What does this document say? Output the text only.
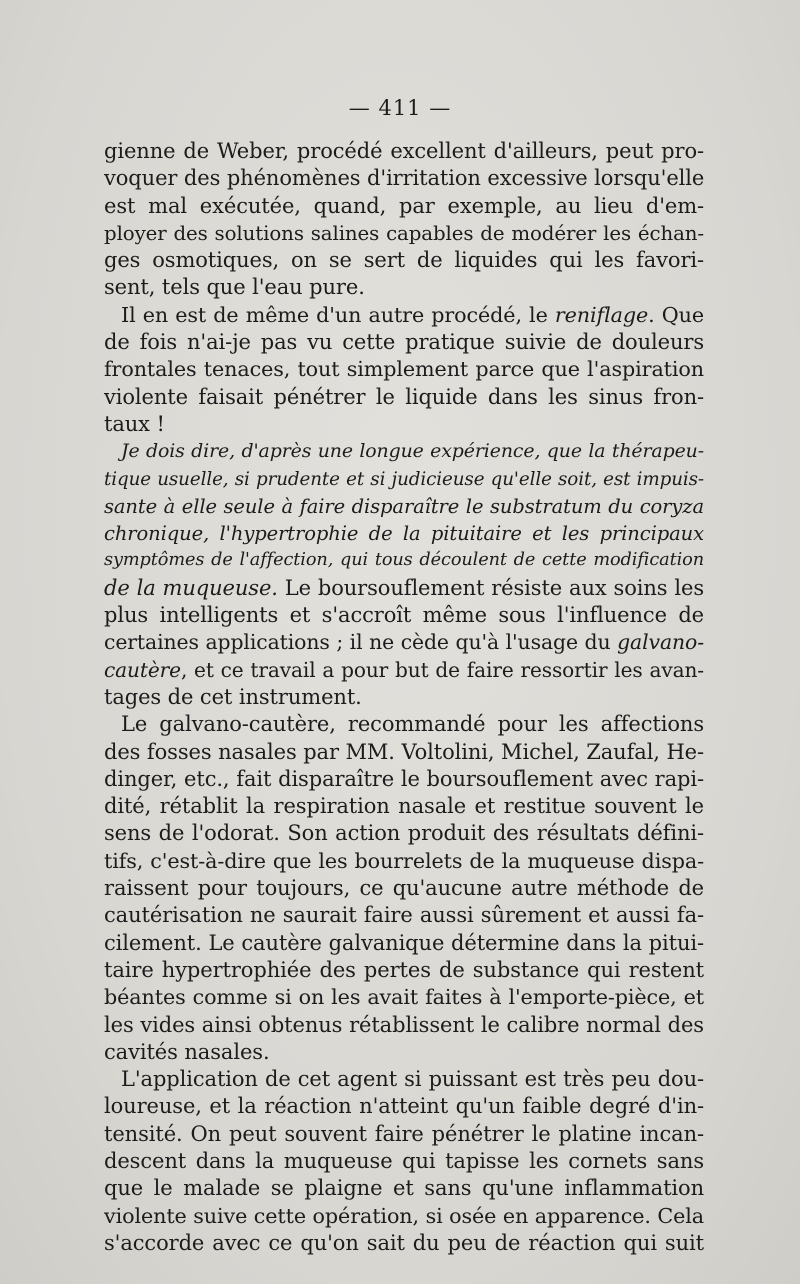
— 411 —
gienne de Weber, procédé excellent d'ailleurs, peut pro-
voquer des phénomènes d'irritation excessive lorsqu'elle
est mal exécutée, quand, par exemple, au lieu d'em-
ployer des solutions salines capables de modérer les échan-
ges osmotiques, on se sert de liquides qui les favori-
sent, tels que l'eau pure.
Il en est de même d'un autre procédé, le reniflage. Que
de fois n'ai-je pas vu cette pratique suivie de douleurs
frontales tenaces, tout simplement parce que l'aspiration
violente faisait pénétrer le liquide dans les sinus fron-
taux !
Je dois dire, d'après une longue expérience, que la thérapeu-
tique usuelle, si prudente et si judicieuse qu'elle soit, est impuis-
sante à elle seule à faire disparaître le substratum du coryza
chronique, l'hypertrophie de la pituitaire et les principaux
symptômes de l'affection, qui tous découlent de cette modification
de la muqueuse. Le boursouflement résiste aux soins les
plus intelligents et s'accroît même sous l'influence de
certaines applications ; il ne cède qu'à l'usage du galvano-
cautère, et ce travail a pour but de faire ressortir les avan-
tages de cet instrument.
Le galvano-cautère, recommandé pour les affections
des fosses nasales par MM. Voltolini, Michel, Zaufal, He-
dinger, etc., fait disparaître le boursouflement avec rapi-
dité, rétablit la respiration nasale et restitue souvent le
sens de l'odorat. Son action produit des résultats défini-
tifs, c'est-à-dire que les bourrelets de la muqueuse dispa-
raissent pour toujours, ce qu'aucune autre méthode de
cautérisation ne saurait faire aussi sûrement et aussi fa-
cilement. Le cautère galvanique détermine dans la pitui-
taire hypertrophiée des pertes de substance qui restent
béantes comme si on les avait faites à l'emporte-pièce, et
les vides ainsi obtenus rétablissent le calibre normal des
cavités nasales.
L'application de cet agent si puissant est très peu dou-
loureuse, et la réaction n'atteint qu'un faible degré d'in-
tensité. On peut souvent faire pénétrer le platine incan-
descent dans la muqueuse qui tapisse les cornets sans
que le malade se plaigne et sans qu'une inflammation
violente suive cette opération, si osée en apparence. Cela
s'accorde avec ce qu'on sait du peu de réaction qui suit
